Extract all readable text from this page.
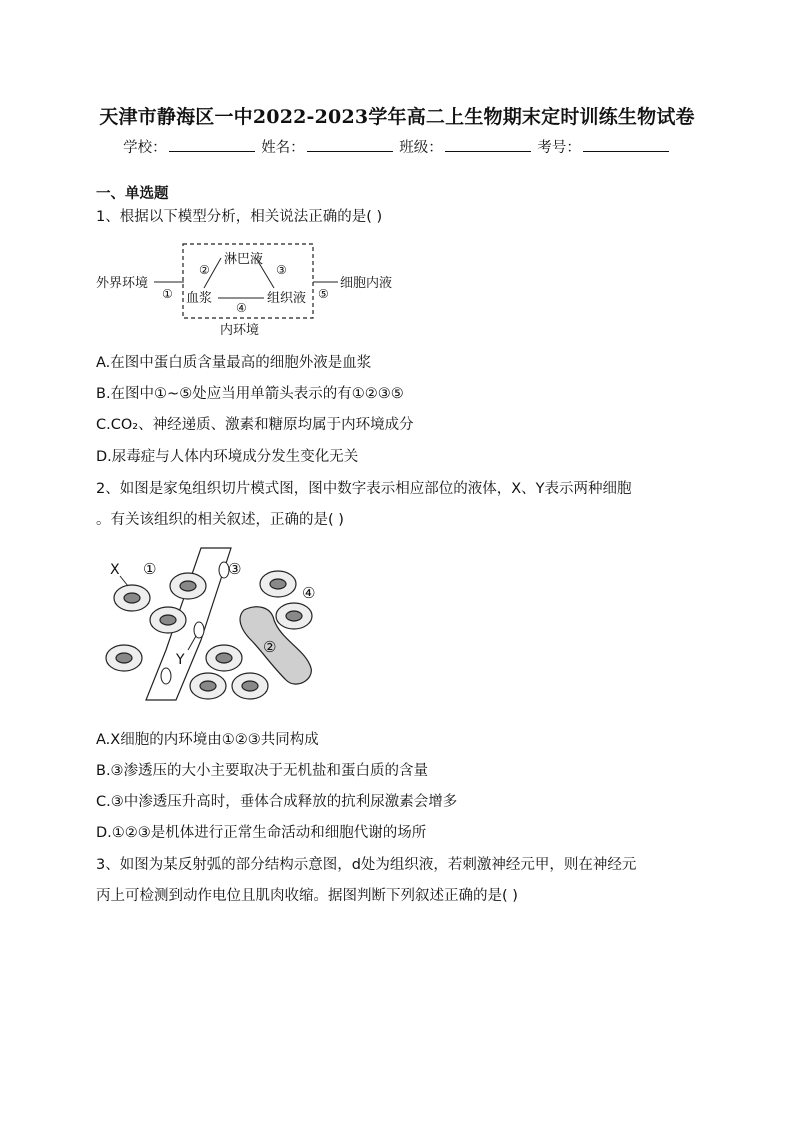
天津市静海区一中2022-2023学年高二上生物期末定时训练生物试卷
学校：	姓名：	班级：	考号：
一、单选题
1、根据以下模型分析，相关说法正确的是( )
外界环境
①
淋巴液
②	③
血浆
④
组织液 ⑤
细胞内液
内环境
A.在图中蛋白质含量最高的细胞外液是血浆
B.在图中①~⑤处应当用单箭头表示的有①②③⑤
C.CO₂、神经递质、激素和糖原均属于内环境成分
D.尿毒症与人体内环境成分发生变化无关
2、如图是家兔组织切片模式图，图中数字表示相应部位的液体，X、Y表示两种细胞
。有关该组织的相关叙述，正确的是( )
X
Y
①	③
④
②
A.X细胞的内环境由①②③共同构成
B.③渗透压的大小主要取决于无机盐和蛋白质的含量
C.③中渗透压升高时，垂体合成释放的抗利尿激素会增多
D.①②③是机体进行正常生命活动和细胞代谢的场所
3、如图为某反射弧的部分结构示意图，d处为组织液，若刺激神经元甲，则在神经元
丙上可检测到动作电位且肌肉收缩。据图判断下列叙述正确的是( )
